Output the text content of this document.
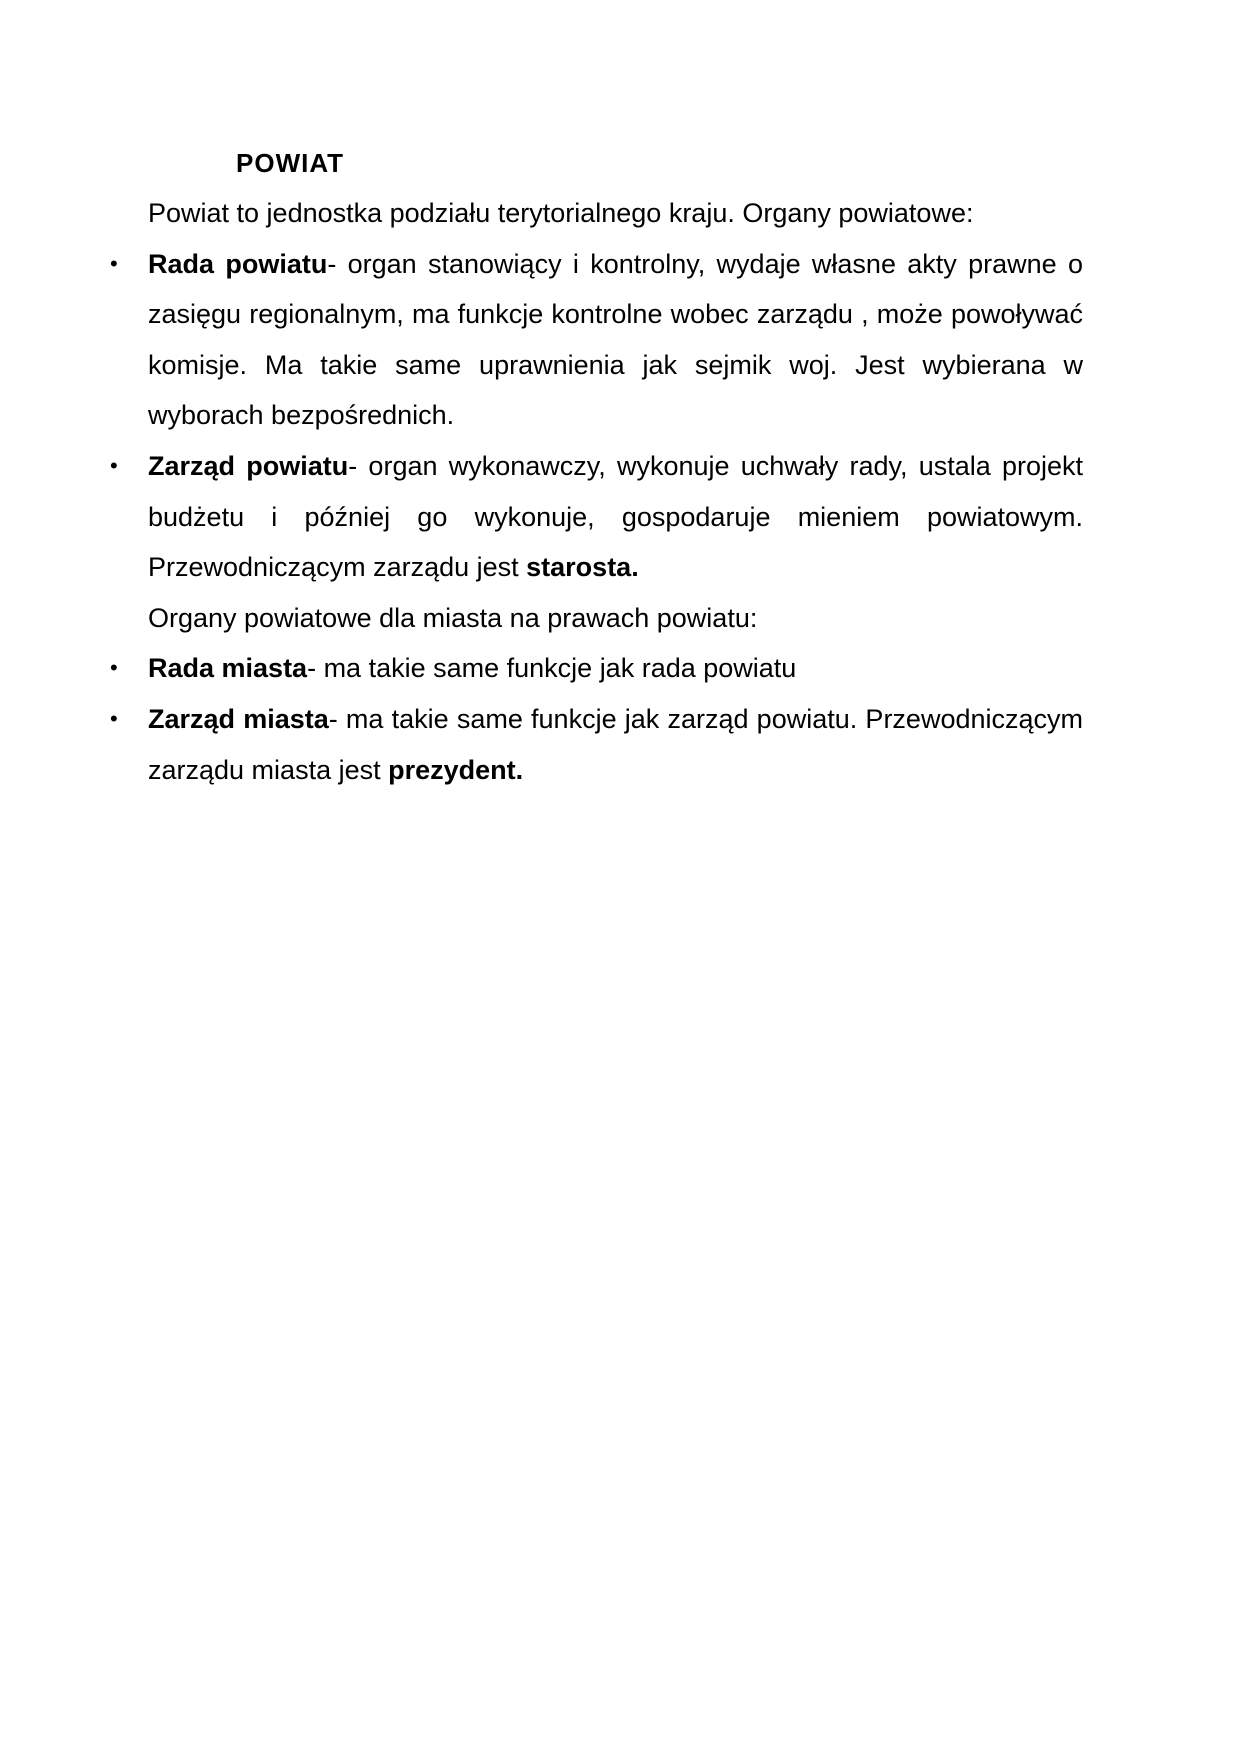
POWIAT

Powiat to jednostka podziału terytorialnego kraju. Organy powiatowe:

• Rada powiatu- organ stanowiący i kontrolny, wydaje własne akty prawne o zasięgu regionalnym, ma funkcje kontrolne wobec zarządu , może powoływać komisje. Ma takie same uprawnienia jak sejmik woj. Jest wybierana w wyborach bezpośrednich.
• Zarząd powiatu- organ wykonawczy, wykonuje uchwały rady, ustala projekt budżetu i później go wykonuje, gospodaruje mieniem powiatowym. Przewodniczącym zarządu jest starosta.

Organy powiatowe dla miasta na prawach powiatu:

• Rada miasta- ma takie same funkcje jak rada powiatu
• Zarząd miasta- ma takie same funkcje jak zarząd powiatu. Przewodniczącym zarządu miasta jest prezydent.
